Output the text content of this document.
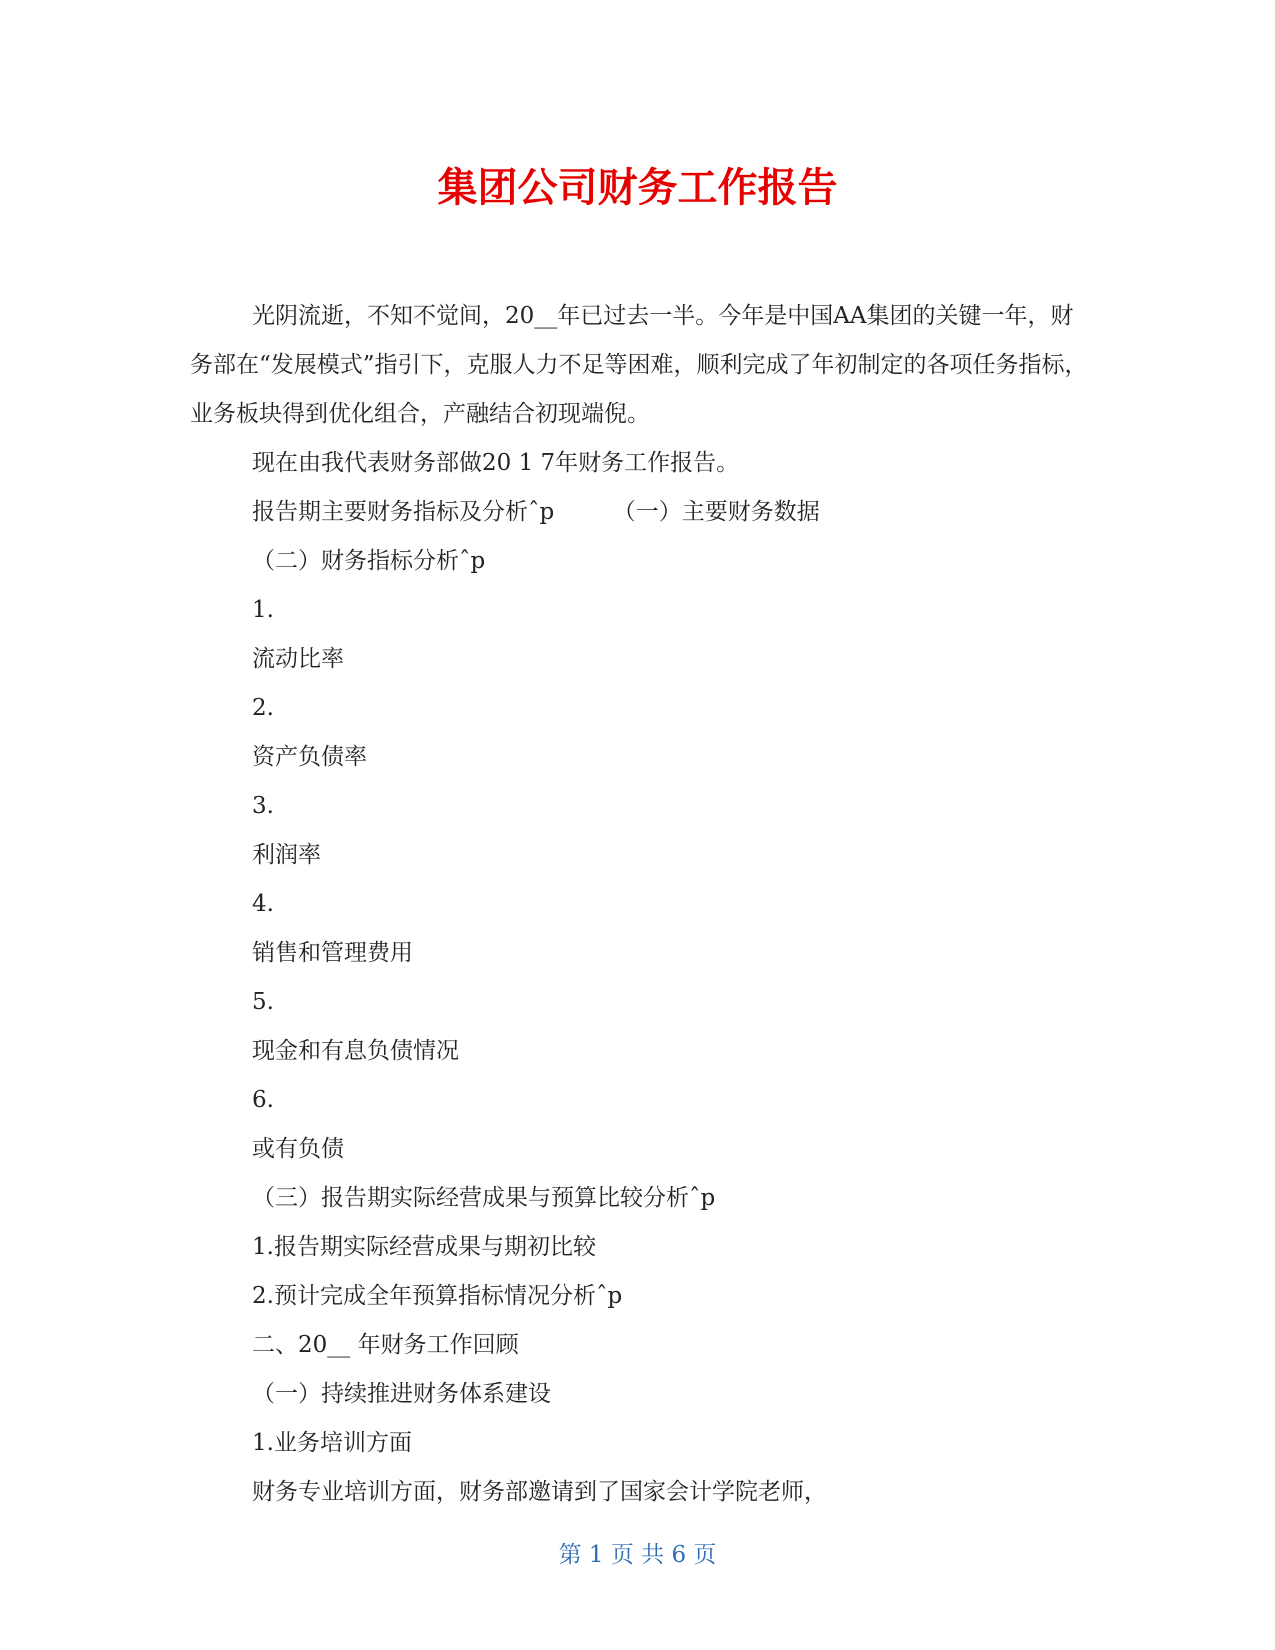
集团公司财务工作报告

光阴流逝，不知不觉间，20__年已过去一半。今年是中国AA集团的关键一年，财务部在“发展模式”指引下，克服人力不足等困难，顺利完成了年初制定的各项任务指标，业务板块得到优化组合，产融结合初现端倪。

现在由我代表财务部做20 1 7年财务工作报告。

报告期主要财务指标及分析ˆp        （一）主要财务数据

（二）财务指标分析ˆp

1.

流动比率

2.

资产负债率

3.

利润率

4.

销售和管理费用

5.

现金和有息负债情况

6.

或有负债

（三）报告期实际经营成果与预算比较分析ˆp

1.报告期实际经营成果与期初比较

2.预计完成全年预算指标情况分析ˆp

二、20__ 年财务工作回顾

（一）持续推进财务体系建设

1.业务培训方面

财务专业培训方面，财务部邀请到了国家会计学院老师，

第 1 页 共 6 页
